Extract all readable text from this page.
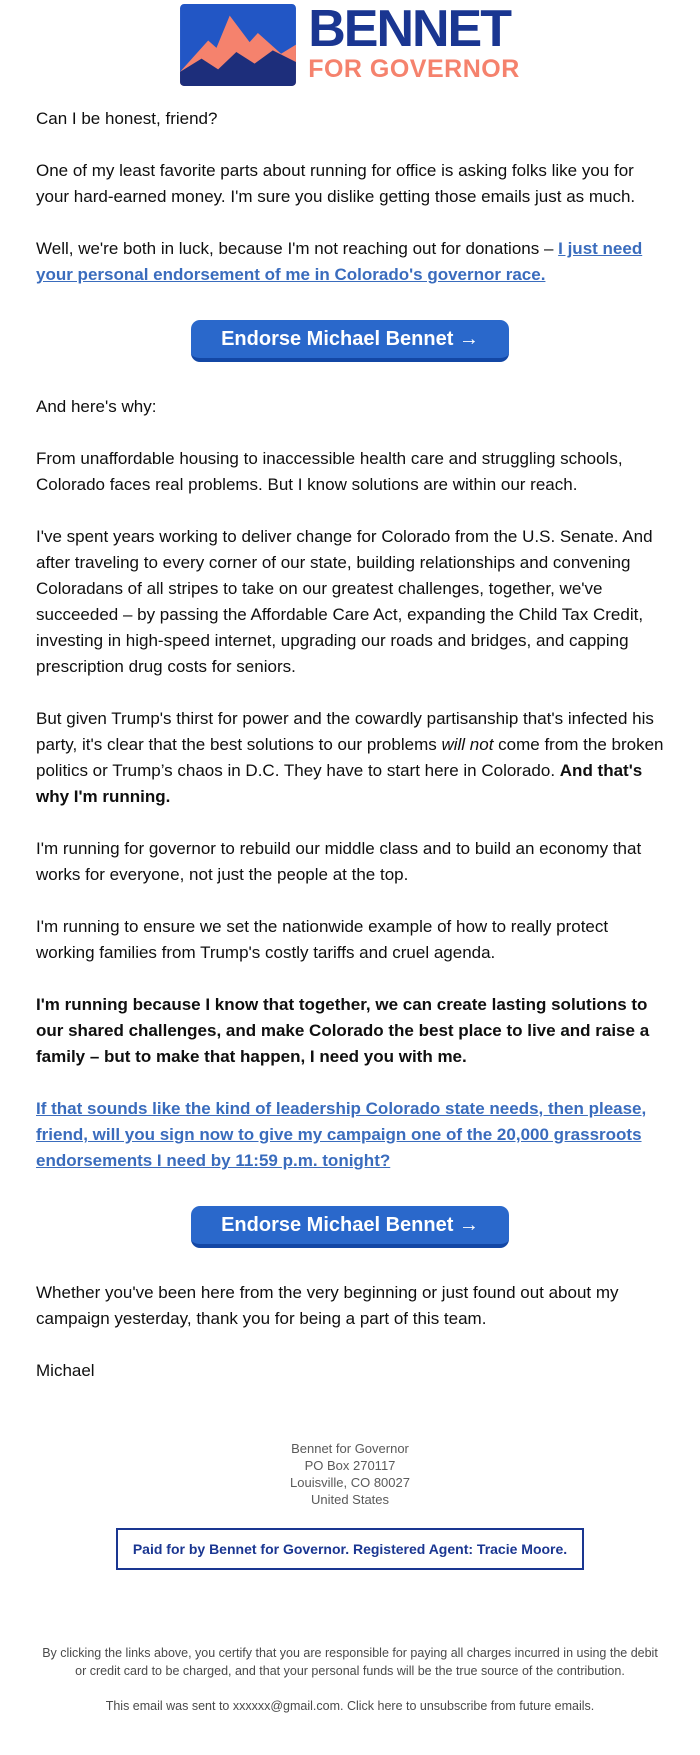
BENNET
FOR GOVERNOR

Can I be honest, friend?

One of my least favorite parts about running for office is asking folks like you for your hard-earned money. I'm sure you dislike getting those emails just as much.

Well, we're both in luck, because I'm not reaching out for donations – I just need your personal endorsement of me in Colorado's governor race.

Endorse Michael Bennet →

And here's why:

From unaffordable housing to inaccessible health care and struggling schools, Colorado faces real problems. But I know solutions are within our reach.

I've spent years working to deliver change for Colorado from the U.S. Senate. And after traveling to every corner of our state, building relationships and convening Coloradans of all stripes to take on our greatest challenges, together, we've succeeded – by passing the Affordable Care Act, expanding the Child Tax Credit, investing in high-speed internet, upgrading our roads and bridges, and capping prescription drug costs for seniors.

But given Trump's thirst for power and the cowardly partisanship that's infected his party, it's clear that the best solutions to our problems will not come from the broken politics or Trump’s chaos in D.C. They have to start here in Colorado. And that's why I'm running.

I'm running for governor to rebuild our middle class and to build an economy that works for everyone, not just the people at the top.

I'm running to ensure we set the nationwide example of how to really protect working families from Trump's costly tariffs and cruel agenda.

I'm running because I know that together, we can create lasting solutions to our shared challenges, and make Colorado the best place to live and raise a family – but to make that happen, I need you with me.

If that sounds like the kind of leadership Colorado state needs, then please, friend, will you sign now to give my campaign one of the 20,000 grassroots endorsements I need by 11:59 p.m. tonight?

Endorse Michael Bennet →

Whether you've been here from the very beginning or just found out about my campaign yesterday, thank you for being a part of this team.

Michael

Bennet for Governor
PO Box 270117
Louisville, CO 80027
United States
Paid for by Bennet for Governor. Registered Agent: Tracie Moore.
By clicking the links above, you certify that you are responsible for paying all charges incurred in using the debit or credit card to be charged, and that your personal funds will be the true source of the contribution.
This email was sent to xxxxxx@gmail.com. Click here to unsubscribe from future emails.
